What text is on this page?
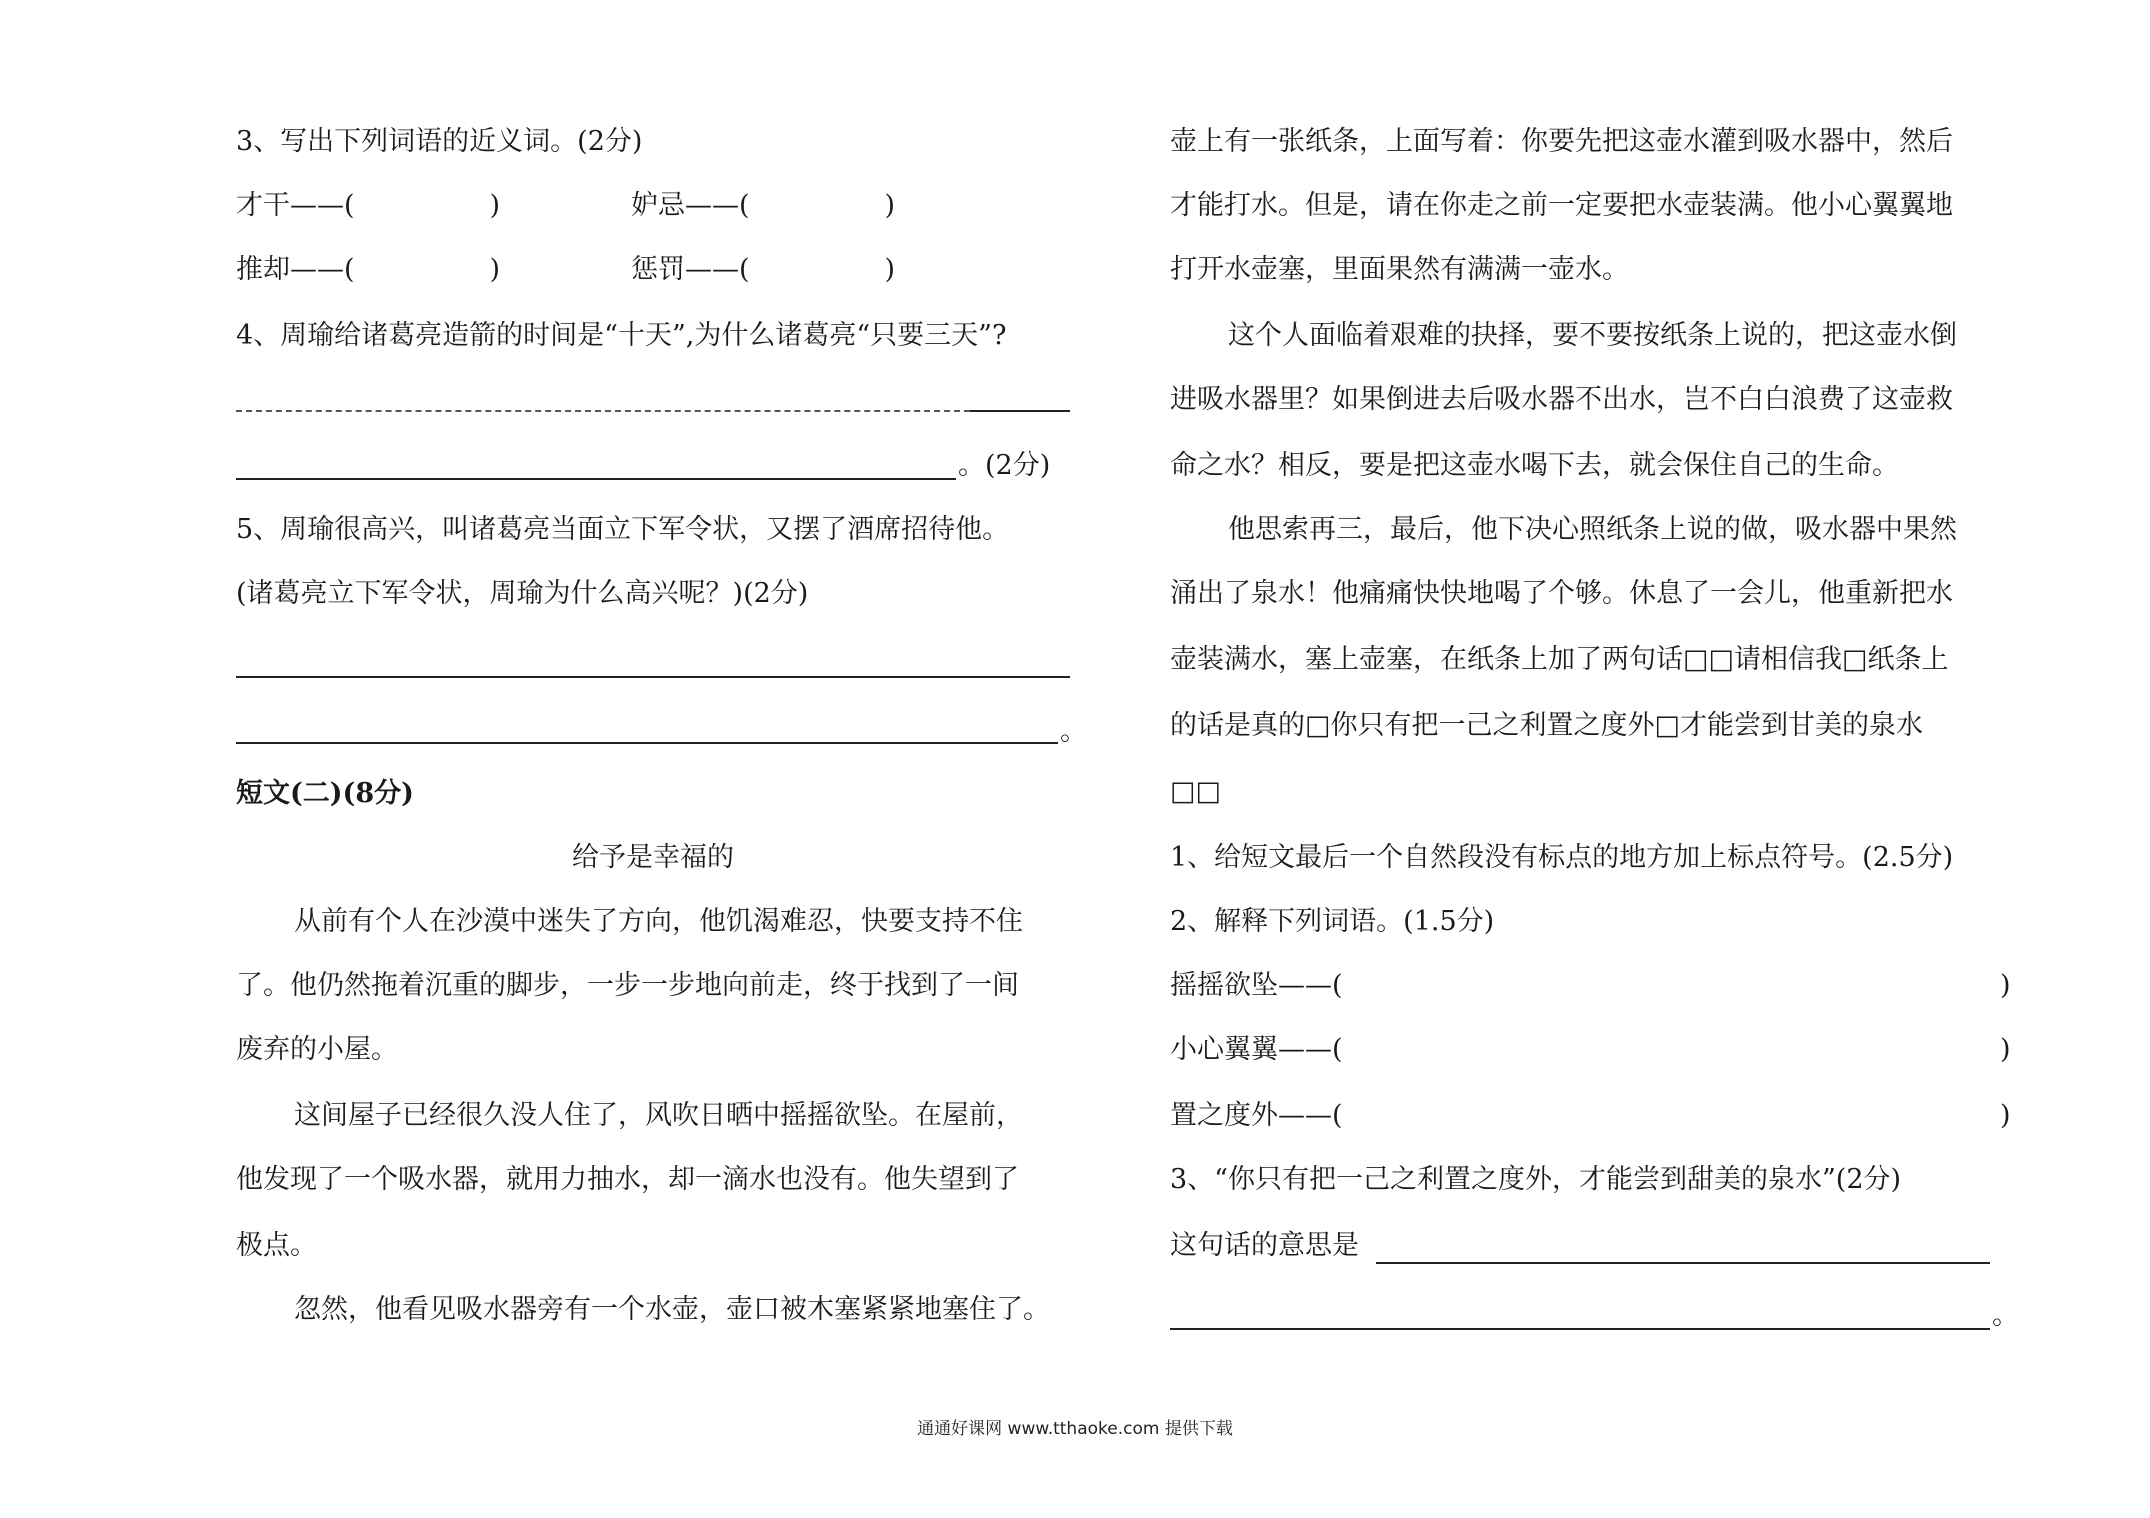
3、写出下列词语的近义词。(2分)
才干——(　　　　　)	妒忌——(　　　　　)
推却——(　　　　　)	惩罚——(　　　　　)
4、周瑜给诸葛亮造箭的时间是“十天”,为什么诸葛亮“只要三天”?
。(2分)
5、周瑜很高兴，叫诸葛亮当面立下军令状，又摆了酒席招待他。
(诸葛亮立下军令状，周瑜为什么高兴呢？)(2分)
。
短文(二)(8分)
给予是幸福的
从前有个人在沙漠中迷失了方向，他饥渴难忍，快要支持不住
了。他仍然拖着沉重的脚步，一步一步地向前走，终于找到了一间
废弃的小屋。
这间屋子已经很久没人住了，风吹日晒中摇摇欲坠。在屋前，
他发现了一个吸水器，就用力抽水，却一滴水也没有。他失望到了
极点。
忽然，他看见吸水器旁有一个水壶，壶口被木塞紧紧地塞住了。
壶上有一张纸条，上面写着：你要先把这壶水灌到吸水器中，然后
才能打水。但是，请在你走之前一定要把水壶装满。他小心翼翼地
打开水壶塞，里面果然有满满一壶水。
这个人面临着艰难的抉择，要不要按纸条上说的，把这壶水倒
进吸水器里？如果倒进去后吸水器不出水，岂不白白浪费了这壶救
命之水？相反，要是把这壶水喝下去，就会保住自己的生命。
他思索再三，最后，他下决心照纸条上说的做，吸水器中果然
涌出了泉水！他痛痛快快地喝了个够。休息了一会儿，他重新把水
壶装满水，塞上壶塞，在纸条上加了两句话□□请相信我□纸条上
的话是真的□你只有把一己之利置之度外□才能尝到甘美的泉水
□□
1、给短文最后一个自然段没有标点的地方加上标点符号。(2.5分)
2、解释下列词语。(1.5分)
摇摇欲坠——(	)
小心翼翼——(	)
置之度外——(	)
3、“你只有把一己之利置之度外，才能尝到甜美的泉水”(2分)
这句话的意思是
。
通通好课网 www.tthaoke.com 提供下载
